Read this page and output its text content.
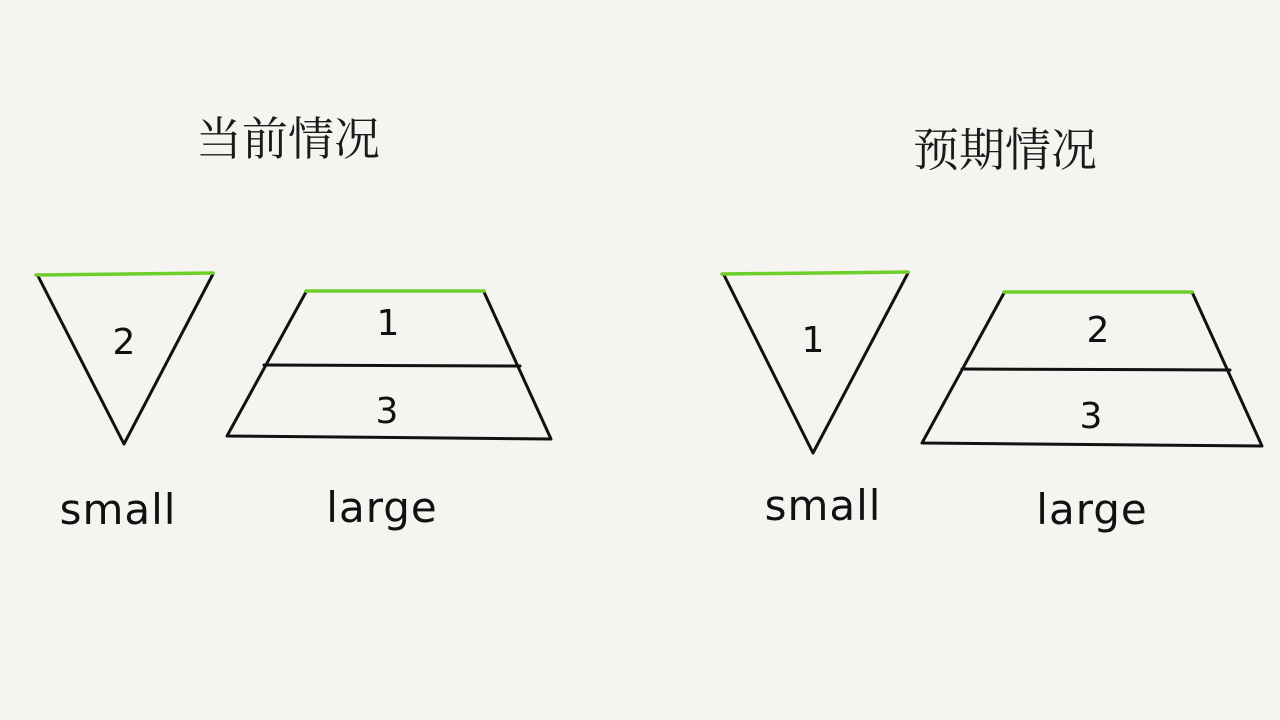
当前情况
2
small
1
3
large
预期情况
1
small
2
3
large
